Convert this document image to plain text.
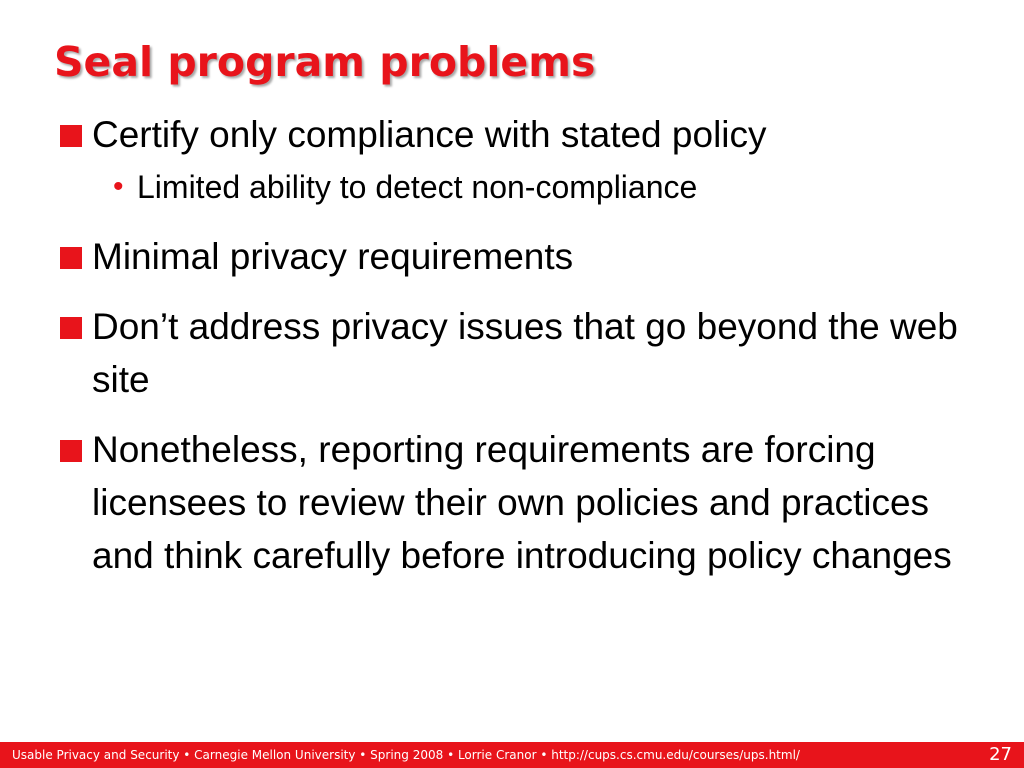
Seal program problems
Certify only compliance with stated policy
• Limited ability to detect non-compliance
Minimal privacy requirements
Don’t address privacy issues that go beyond the web site
Nonetheless, reporting requirements are forcing licensees to review their own policies and practices and think carefully before introducing policy changes
Usable Privacy and Security • Carnegie Mellon University • Spring 2008 • Lorrie Cranor • http://cups.cs.cmu.edu/courses/ups.html/	27
